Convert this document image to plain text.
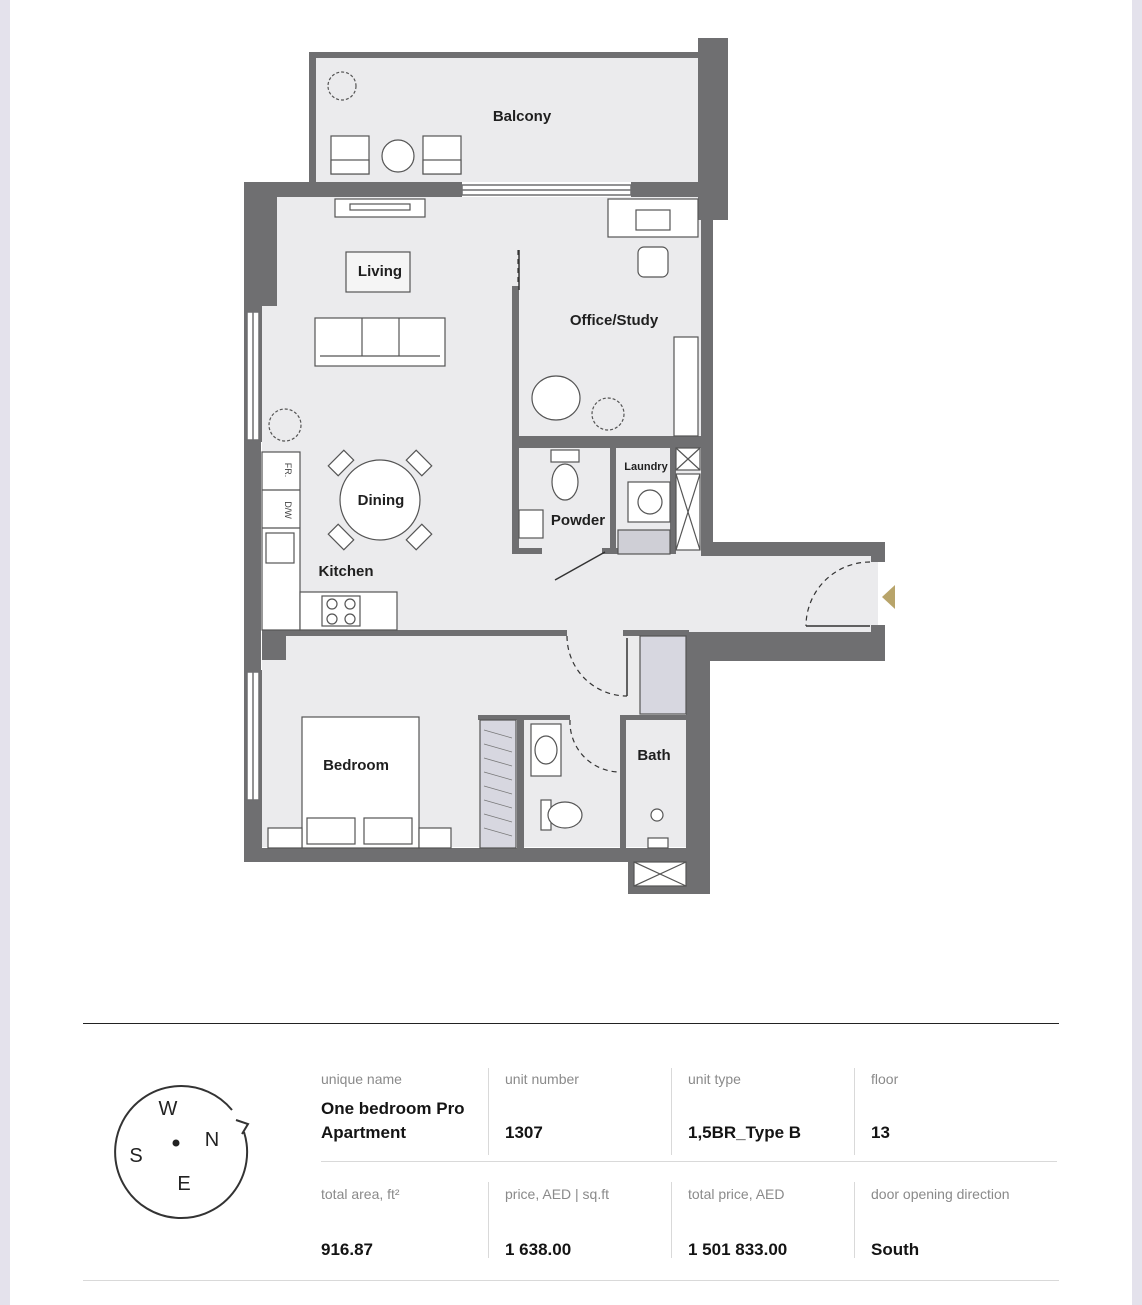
Balcony
Living
Office/Study
Dining
Kitchen
Powder
Laundry
Bedroom
Bath
FR.
D/W
W
N
S
E
unique name
One bedroom Pro
Apartment
unit number
1307
unit type
1,5BR_Type B
floor
13
total area, ft²
916.87
price, AED | sq.ft
1 638.00
total price, AED
1 501 833.00
door opening direction
South
